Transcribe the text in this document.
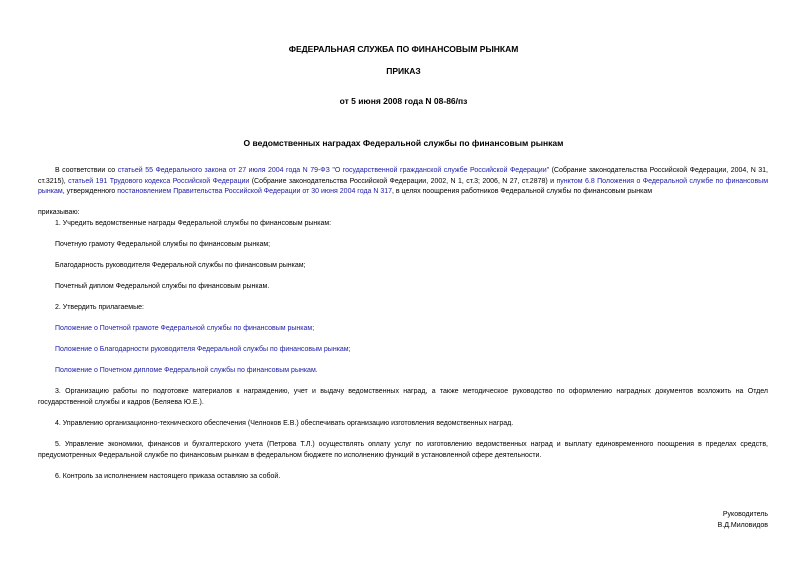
ФЕДЕРАЛЬНАЯ СЛУЖБА ПО ФИНАНСОВЫМ РЫНКАМ
ПРИКАЗ
от 5 июня 2008 года N 08-86/пз
О ведомственных наградах Федеральной службы по финансовым рынкам

В соответствии со статьей 55 Федерального закона от 27 июля 2004 года N 79-ФЗ "О государственной гражданской службе Российской Федерации" (Собрание законодательства Российской Федерации, 2004, N 31, ст.3215), статьей 191 Трудового кодекса Российской Федерации (Собрание законодательства Российской Федерации, 2002, N 1, ст.3; 2006, N 27, ст.2878) и пунктом 6.8 Положения о Федеральной службе по финансовым рынкам, утвержденного постановлением Правительства Российской Федерации от 30 июня 2004 года N 317, в целях поощрения работников Федеральной службы по финансовым рынкам

приказываю:

1. Учредить ведомственные награды Федеральной службы по финансовым рынкам:

Почетную грамоту Федеральной службы по финансовым рынкам;

Благодарность руководителя Федеральной службы по финансовым рынкам;

Почетный диплом Федеральной службы по финансовым рынкам.

2. Утвердить прилагаемые:

Положение о Почетной грамоте Федеральной службы по финансовым рынкам;

Положение о Благодарности руководителя Федеральной службы по финансовым рынкам;

Положение о Почетном дипломе Федеральной службы по финансовым рынкам.

3. Организацию работы по подготовке материалов к награждению, учет и выдачу ведомственных наград, а также методическое руководство по оформлению наградных документов возложить на Отдел государственной службы и кадров (Беляева Ю.Е.).

4. Управлению организационно-технического обеспечения (Челноков Е.В.) обеспечивать организацию изготовления ведомственных наград.

5. Управление экономики, финансов и бухгалтерского учета (Петрова Т.Л.) осуществлять оплату услуг по изготовлению ведомственных наград и выплату единовременного поощрения в пределах средств, предусмотренных Федеральной службе по финансовым рынкам в федеральном бюджете по исполнению функций в установленной сфере деятельности.

6. Контроль за исполнением настоящего приказа оставляю за собой.

Руководитель
В.Д.Миловидов
